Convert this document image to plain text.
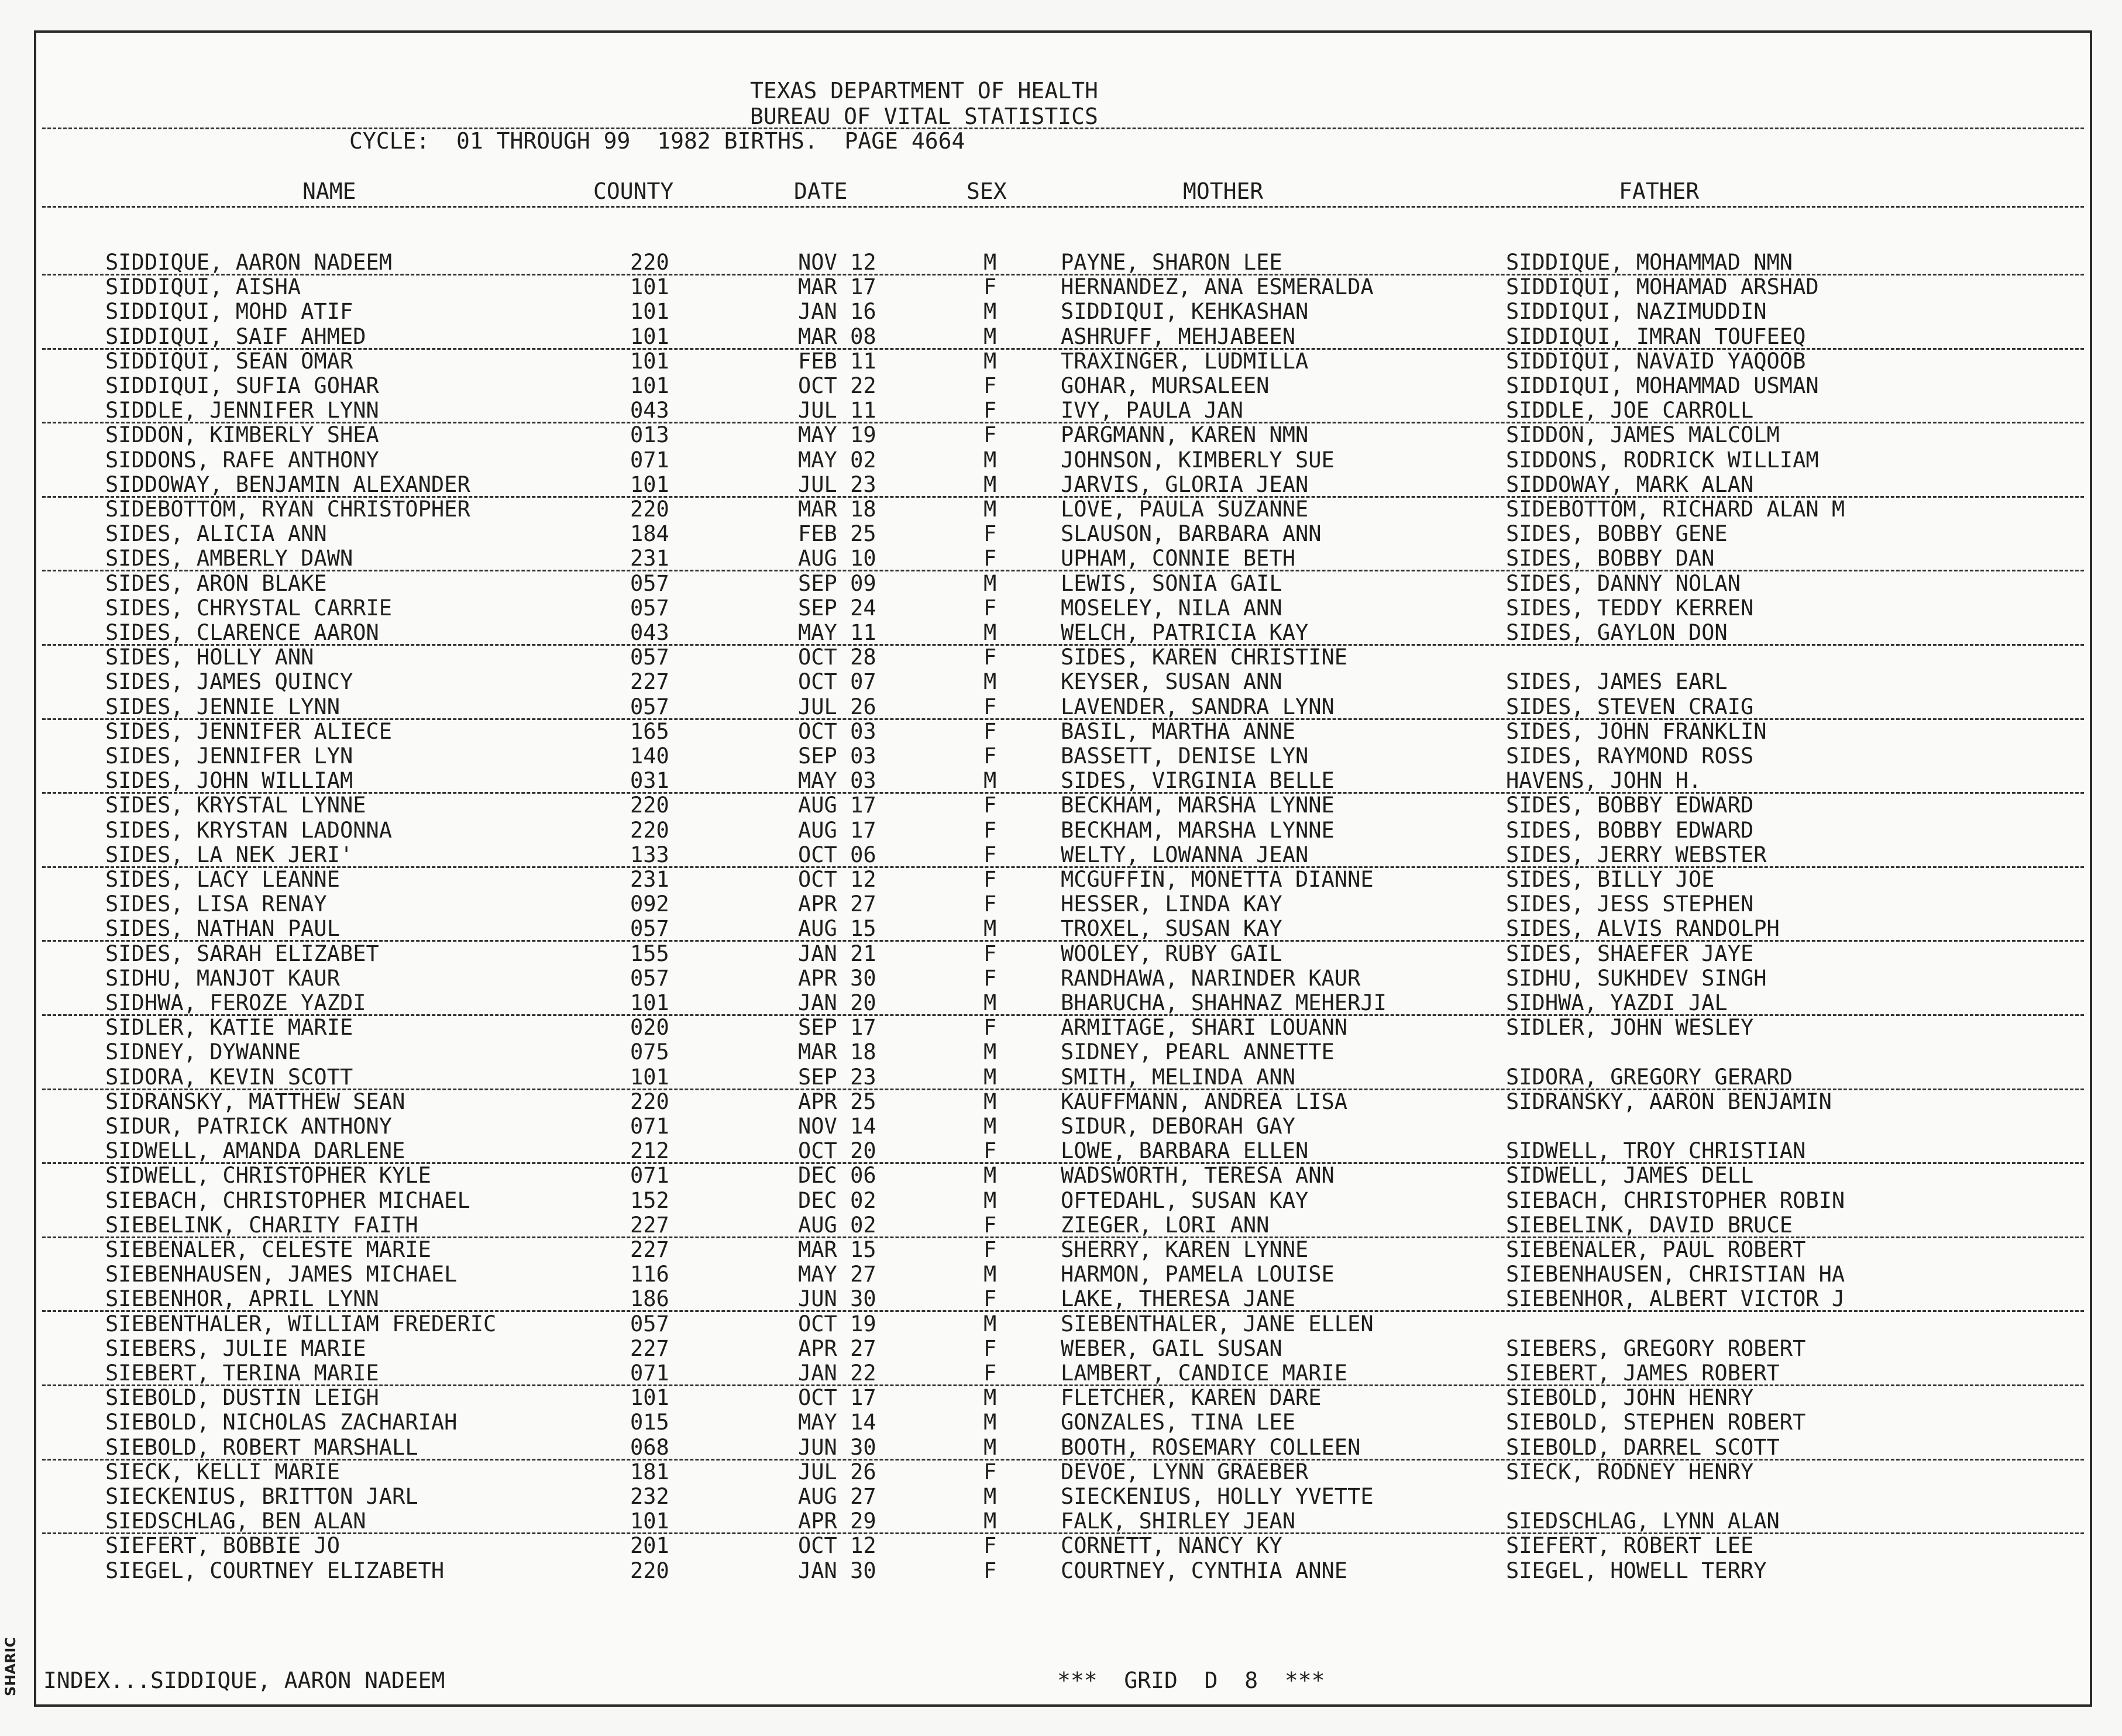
TEXAS DEPARTMENT OF HEALTH
BUREAU OF VITAL STATISTICS
CYCLE:  01 THROUGH 99  1982 BIRTHS.  PAGE 4664
NAME	COUNTY	DATE	SEX	MOTHER	FATHER
SIDDIQUE, AARON NADEEM	220	NOV 12	M	PAYNE, SHARON LEE	SIDDIQUE, MOHAMMAD NMN
SIDDIQUI, AISHA	101	MAR 17	F	HERNANDEZ, ANA ESMERALDA	SIDDIQUI, MOHAMAD ARSHAD
SIDDIQUI, MOHD ATIF	101	JAN 16	M	SIDDIQUI, KEHKASHAN	SIDDIQUI, NAZIMUDDIN
SIDDIQUI, SAIF AHMED	101	MAR 08	M	ASHRUFF, MEHJABEEN	SIDDIQUI, IMRAN TOUFEEQ
SIDDIQUI, SEAN OMAR	101	FEB 11	M	TRAXINGER, LUDMILLA	SIDDIQUI, NAVAID YAQOOB
SIDDIQUI, SUFIA GOHAR	101	OCT 22	F	GOHAR, MURSALEEN	SIDDIQUI, MOHAMMAD USMAN
SIDDLE, JENNIFER LYNN	043	JUL 11	F	IVY, PAULA JAN	SIDDLE, JOE CARROLL
SIDDON, KIMBERLY SHEA	013	MAY 19	F	PARGMANN, KAREN NMN	SIDDON, JAMES MALCOLM
SIDDONS, RAFE ANTHONY	071	MAY 02	M	JOHNSON, KIMBERLY SUE	SIDDONS, RODRICK WILLIAM
SIDDOWAY, BENJAMIN ALEXANDER	101	JUL 23	M	JARVIS, GLORIA JEAN	SIDDOWAY, MARK ALAN
SIDEBOTTOM, RYAN CHRISTOPHER	220	MAR 18	M	LOVE, PAULA SUZANNE	SIDEBOTTOM, RICHARD ALAN M
SIDES, ALICIA ANN	184	FEB 25	F	SLAUSON, BARBARA ANN	SIDES, BOBBY GENE
SIDES, AMBERLY DAWN	231	AUG 10	F	UPHAM, CONNIE BETH	SIDES, BOBBY DAN
SIDES, ARON BLAKE	057	SEP 09	M	LEWIS, SONIA GAIL	SIDES, DANNY NOLAN
SIDES, CHRYSTAL CARRIE	057	SEP 24	F	MOSELEY, NILA ANN	SIDES, TEDDY KERREN
SIDES, CLARENCE AARON	043	MAY 11	M	WELCH, PATRICIA KAY	SIDES, GAYLON DON
SIDES, HOLLY ANN	057	OCT 28	F	SIDES, KAREN CHRISTINE
SIDES, JAMES QUINCY	227	OCT 07	M	KEYSER, SUSAN ANN	SIDES, JAMES EARL
SIDES, JENNIE LYNN	057	JUL 26	F	LAVENDER, SANDRA LYNN	SIDES, STEVEN CRAIG
SIDES, JENNIFER ALIECE	165	OCT 03	F	BASIL, MARTHA ANNE	SIDES, JOHN FRANKLIN
SIDES, JENNIFER LYN	140	SEP 03	F	BASSETT, DENISE LYN	SIDES, RAYMOND ROSS
SIDES, JOHN WILLIAM	031	MAY 03	M	SIDES, VIRGINIA BELLE	HAVENS, JOHN H.
SIDES, KRYSTAL LYNNE	220	AUG 17	F	BECKHAM, MARSHA LYNNE	SIDES, BOBBY EDWARD
SIDES, KRYSTAN LADONNA	220	AUG 17	F	BECKHAM, MARSHA LYNNE	SIDES, BOBBY EDWARD
SIDES, LA NEK JERI'	133	OCT 06	F	WELTY, LOWANNA JEAN	SIDES, JERRY WEBSTER
SIDES, LACY LEANNE	231	OCT 12	F	MCGUFFIN, MONETTA DIANNE	SIDES, BILLY JOE
SIDES, LISA RENAY	092	APR 27	F	HESSER, LINDA KAY	SIDES, JESS STEPHEN
SIDES, NATHAN PAUL	057	AUG 15	M	TROXEL, SUSAN KAY	SIDES, ALVIS RANDOLPH
SIDES, SARAH ELIZABET	155	JAN 21	F	WOOLEY, RUBY GAIL	SIDES, SHAEFER JAYE
SIDHU, MANJOT KAUR	057	APR 30	F	RANDHAWA, NARINDER KAUR	SIDHU, SUKHDEV SINGH
SIDHWA, FEROZE YAZDI	101	JAN 20	M	BHARUCHA, SHAHNAZ MEHERJI	SIDHWA, YAZDI JAL
SIDLER, KATIE MARIE	020	SEP 17	F	ARMITAGE, SHARI LOUANN	SIDLER, JOHN WESLEY
SIDNEY, DYWANNE	075	MAR 18	M	SIDNEY, PEARL ANNETTE
SIDORA, KEVIN SCOTT	101	SEP 23	M	SMITH, MELINDA ANN	SIDORA, GREGORY GERARD
SIDRANSKY, MATTHEW SEAN	220	APR 25	M	KAUFFMANN, ANDREA LISA	SIDRANSKY, AARON BENJAMIN
SIDUR, PATRICK ANTHONY	071	NOV 14	M	SIDUR, DEBORAH GAY
SIDWELL, AMANDA DARLENE	212	OCT 20	F	LOWE, BARBARA ELLEN	SIDWELL, TROY CHRISTIAN
SIDWELL, CHRISTOPHER KYLE	071	DEC 06	M	WADSWORTH, TERESA ANN	SIDWELL, JAMES DELL
SIEBACH, CHRISTOPHER MICHAEL	152	DEC 02	M	OFTEDAHL, SUSAN KAY	SIEBACH, CHRISTOPHER ROBIN
SIEBELINK, CHARITY FAITH	227	AUG 02	F	ZIEGER, LORI ANN	SIEBELINK, DAVID BRUCE
SIEBENALER, CELESTE MARIE	227	MAR 15	F	SHERRY, KAREN LYNNE	SIEBENALER, PAUL ROBERT
SIEBENHAUSEN, JAMES MICHAEL	116	MAY 27	M	HARMON, PAMELA LOUISE	SIEBENHAUSEN, CHRISTIAN HA
SIEBENHOR, APRIL LYNN	186	JUN 30	F	LAKE, THERESA JANE	SIEBENHOR, ALBERT VICTOR J
SIEBENTHALER, WILLIAM FREDERIC	057	OCT 19	M	SIEBENTHALER, JANE ELLEN
SIEBERS, JULIE MARIE	227	APR 27	F	WEBER, GAIL SUSAN	SIEBERS, GREGORY ROBERT
SIEBERT, TERINA MARIE	071	JAN 22	F	LAMBERT, CANDICE MARIE	SIEBERT, JAMES ROBERT
SIEBOLD, DUSTIN LEIGH	101	OCT 17	M	FLETCHER, KAREN DARE	SIEBOLD, JOHN HENRY
SIEBOLD, NICHOLAS ZACHARIAH	015	MAY 14	M	GONZALES, TINA LEE	SIEBOLD, STEPHEN ROBERT
SIEBOLD, ROBERT MARSHALL	068	JUN 30	M	BOOTH, ROSEMARY COLLEEN	SIEBOLD, DARREL SCOTT
SIECK, KELLI MARIE	181	JUL 26	F	DEVOE, LYNN GRAEBER	SIECK, RODNEY HENRY
SIECKENIUS, BRITTON JARL	232	AUG 27	M	SIECKENIUS, HOLLY YVETTE
SIEDSCHLAG, BEN ALAN	101	APR 29	M	FALK, SHIRLEY JEAN	SIEDSCHLAG, LYNN ALAN
SIEFERT, BOBBIE JO	201	OCT 12	F	CORNETT, NANCY KY	SIEFERT, ROBERT LEE
SIEGEL, COURTNEY ELIZABETH	220	JAN 30	F	COURTNEY, CYNTHIA ANNE	SIEGEL, HOWELL TERRY
INDEX...SIDDIQUE, AARON NADEEM	***  GRID  D  8  ***
SHARIC
